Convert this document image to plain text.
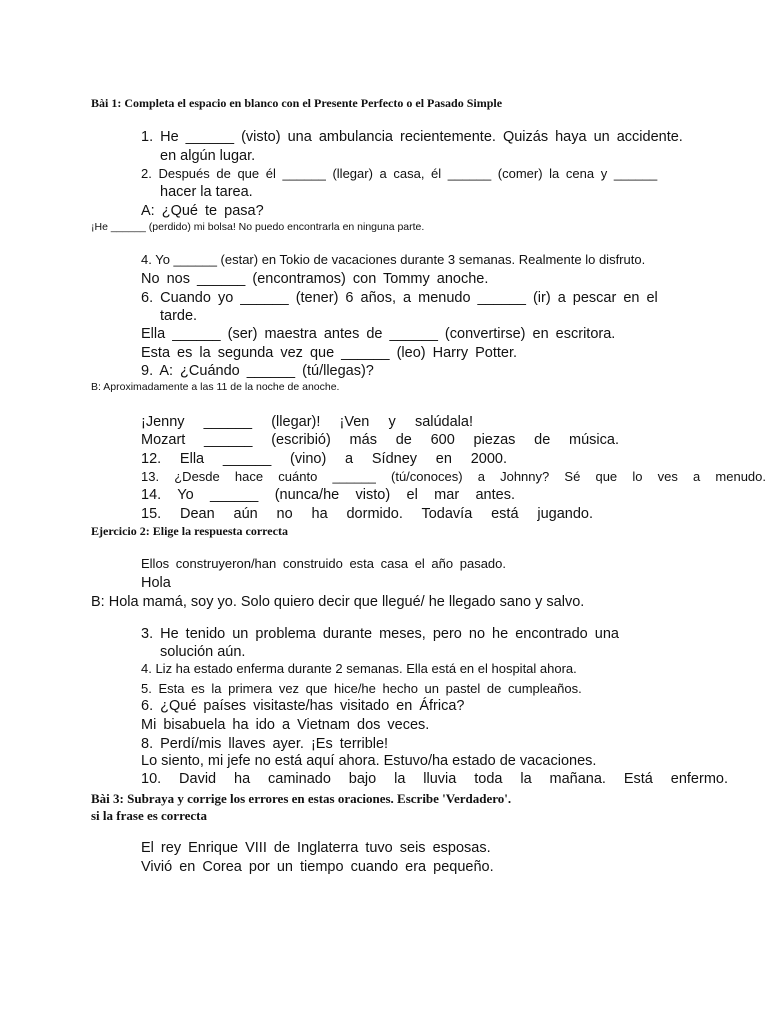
Bài 1: Completa el espacio en blanco con el Presente Perfecto o el Pasado Simple
1. He ______ (visto) una ambulancia recientemente. Quizás haya un accidente.
en algún lugar.
2. Después de que él ______ (llegar) a casa, él ______ (comer) la cena y ______
hacer la tarea.
A: ¿Qué te pasa?
¡He ______ (perdido) mi bolsa! No puedo encontrarla en ninguna parte.
4. Yo ______ (estar) en Tokio de vacaciones durante 3 semanas. Realmente lo disfruto.
No nos ______ (encontramos) con Tommy anoche.
6. Cuando yo ______ (tener) 6 años, a menudo ______ (ir) a pescar en el
tarde.
Ella ______ (ser) maestra antes de ______ (convertirse) en escritora.
Esta es la segunda vez que ______ (leo) Harry Potter.
9. A: ¿Cuándo ______ (tú/llegas)?
B: Aproximadamente a las 11 de la noche de anoche.
¡Jenny ______ (llegar)! ¡Ven y salúdala!
Mozart ______ (escribió) más de 600 piezas de música.
12. Ella ______ (vino) a Sídney en 2000.
13. ¿Desde hace cuánto ______ (tú/conoces) a Johnny? Sé que lo ves a menudo.
14. Yo ______ (nunca/he visto) el mar antes.
15. Dean aún no ha dormido. Todavía está jugando.
Ejercicio 2: Elige la respuesta correcta
Ellos construyeron/han construido esta casa el año pasado.
Hola
B: Hola mamá, soy yo. Solo quiero decir que llegué/ he llegado sano y salvo.
3. He tenido un problema durante meses, pero no he encontrado una
solución aún.
4. Liz ha estado enferma durante 2 semanas. Ella está en el hospital ahora.
5. Esta es la primera vez que hice/he hecho un pastel de cumpleaños.
6. ¿Qué países visitaste/has visitado en África?
Mi bisabuela ha ido a Vietnam dos veces.
8. Perdí/mis llaves ayer. ¡Es terrible!
Lo siento, mi jefe no está aquí ahora. Estuvo/ha estado de vacaciones.
10. David ha caminado bajo la lluvia toda la mañana. Está enfermo.
Bài 3: Subraya y corrige los errores en estas oraciones. Escribe 'Verdadero'.
si la frase es correcta
El rey Enrique VIII de Inglaterra tuvo seis esposas.
Vivió en Corea por un tiempo cuando era pequeño.
